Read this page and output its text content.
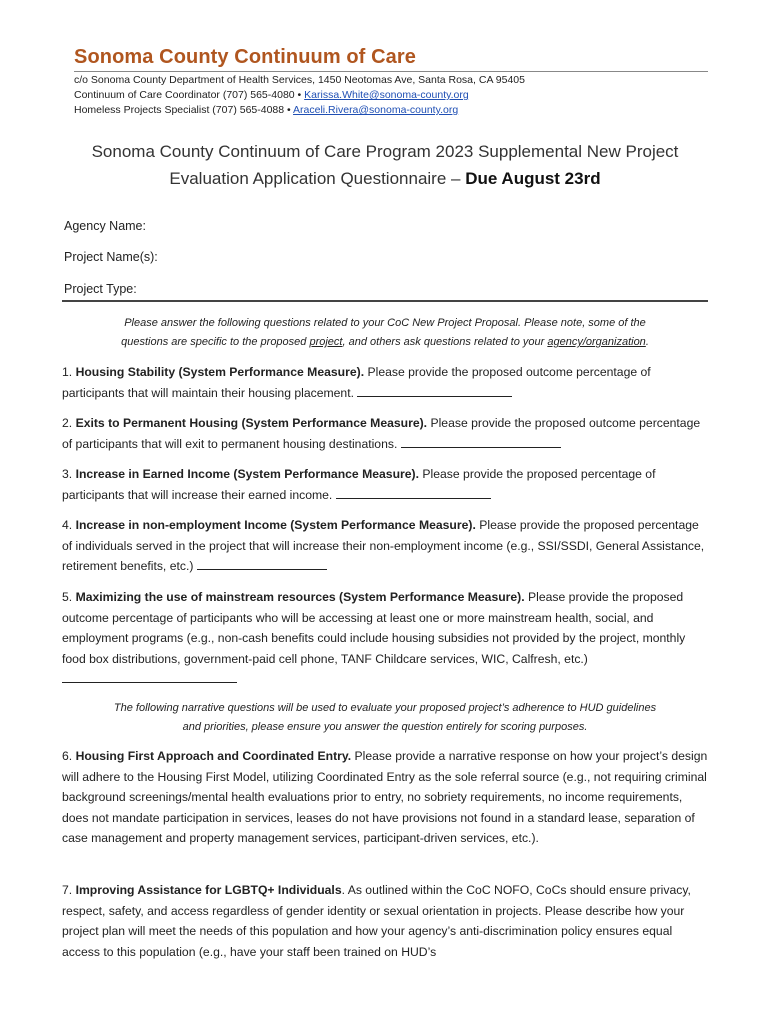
Sonoma County Continuum of Care
c/o Sonoma County Department of Health Services, 1450 Neotomas Ave, Santa Rosa, CA 95405
Continuum of Care Coordinator (707) 565-4080 • Karissa.White@sonoma-county.org
Homeless Projects Specialist (707) 565-4088 • Araceli.Rivera@sonoma-county.org
Sonoma County Continuum of Care Program 2023 Supplemental New Project
Evaluation Application Questionnaire – Due August 23rd
Agency Name:
Project Name(s):
Project Type:
Please answer the following questions related to your CoC New Project Proposal. Please note, some of the
questions are specific to the proposed project, and others ask questions related to your agency/organization.
1. Housing Stability (System Performance Measure). Please provide the proposed outcome percentage of participants that will maintain their housing placement.
2. Exits to Permanent Housing (System Performance Measure). Please provide the proposed outcome percentage of participants that will exit to permanent housing destinations.
3. Increase in Earned Income (System Performance Measure). Please provide the proposed percentage of participants that will increase their earned income.
4. Increase in non-employment Income (System Performance Measure). Please provide the proposed percentage of individuals served in the project that will increase their non-employment income (e.g., SSI/SSDI, General Assistance, retirement benefits, etc.)
5. Maximizing the use of mainstream resources (System Performance Measure). Please provide the proposed outcome percentage of participants who will be accessing at least one or more mainstream health, social, and employment programs (e.g., non-cash benefits could include housing subsidies not provided by the project, monthly food box distributions, government-paid cell phone, TANF Childcare services, WIC, Calfresh, etc.)
The following narrative questions will be used to evaluate your proposed project’s adherence to HUD guidelines
and priorities, please ensure you answer the question entirely for scoring purposes.
6. Housing First Approach and Coordinated Entry. Please provide a narrative response on how your project’s design will adhere to the Housing First Model, utilizing Coordinated Entry as the sole referral source (e.g., not requiring criminal background screenings/mental health evaluations prior to entry, no sobriety requirements, no income requirements, does not mandate participation in services, leases do not have provisions not found in a standard lease, separation of case management and property management services, participant-driven services, etc.).
7. Improving Assistance for LGBTQ+ Individuals. As outlined within the CoC NOFO, CoCs should ensure privacy, respect, safety, and access regardless of gender identity or sexual orientation in projects. Please describe how your project plan will meet the needs of this population and how your agency’s anti-discrimination policy ensures equal access to this population (e.g., have your staff been trained on HUD’s
